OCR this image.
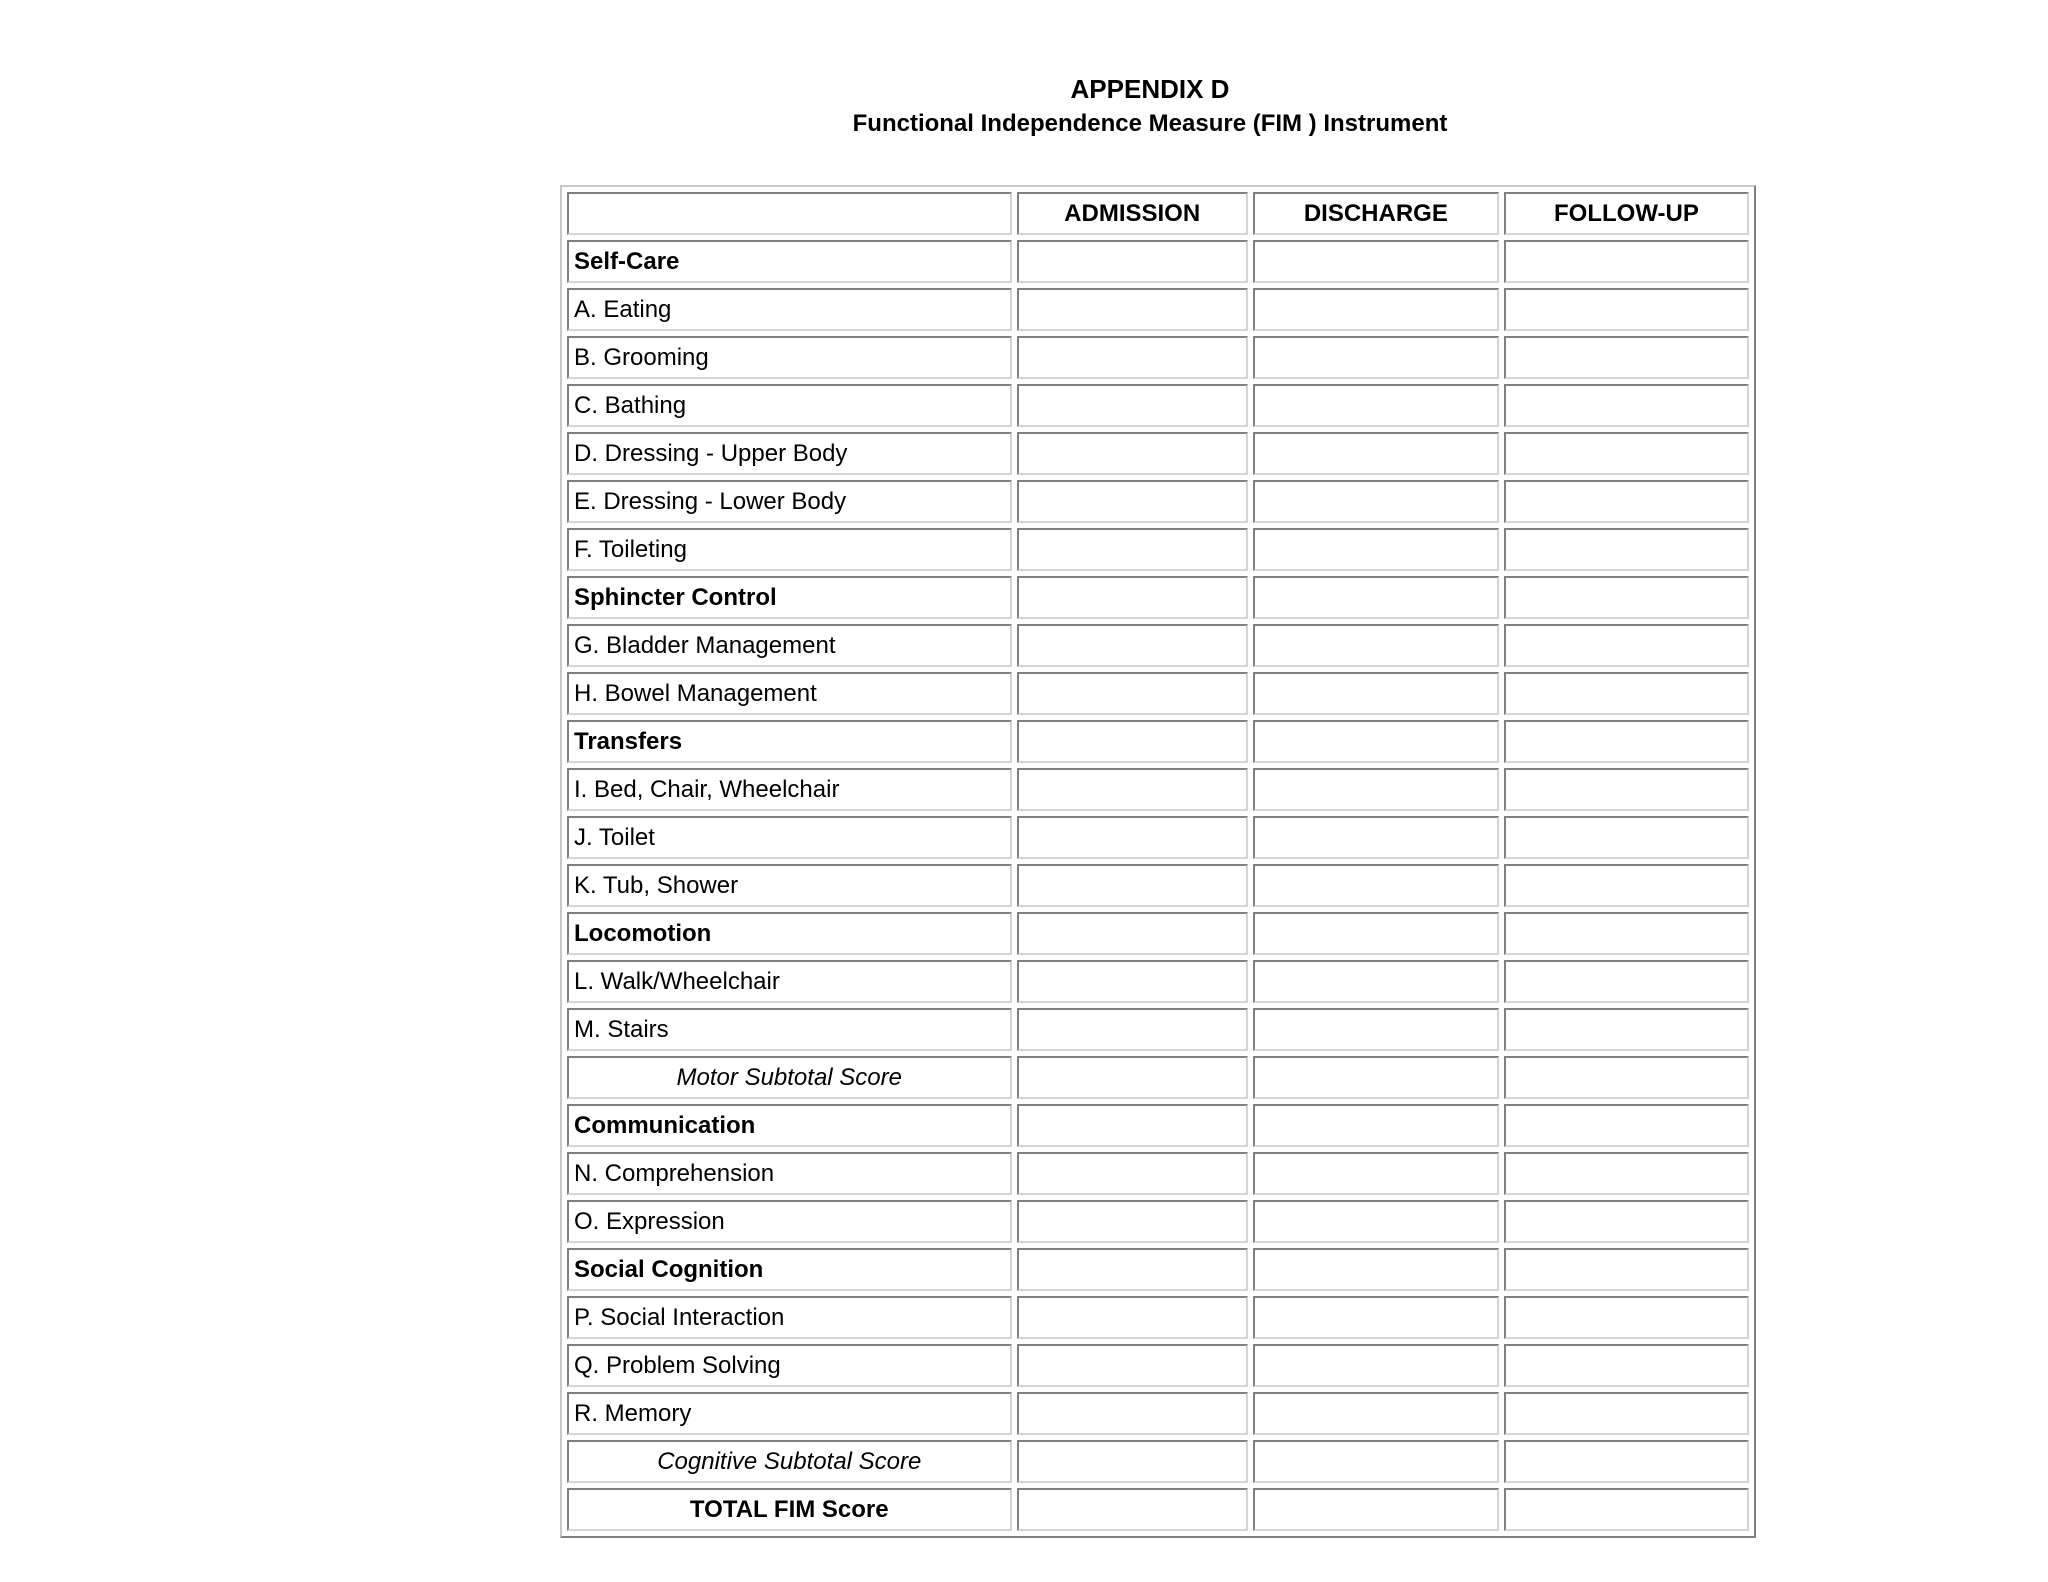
APPENDIX D
Functional Independence Measure (FIM ) Instrument
	ADMISSION	DISCHARGE	FOLLOW-UP
Self-Care			
A. Eating			
B. Grooming			
C. Bathing			
D. Dressing - Upper Body			
E. Dressing - Lower Body			
F. Toileting			
Sphincter Control			
G. Bladder Management			
H. Bowel Management			
Transfers			
I. Bed, Chair, Wheelchair			
J. Toilet			
K. Tub, Shower			
Locomotion			
L. Walk/Wheelchair			
M. Stairs			
Motor Subtotal Score			
Communication			
N. Comprehension			
O. Expression			
Social Cognition			
P. Social Interaction			
Q. Problem Solving			
R. Memory			
Cognitive Subtotal Score			
TOTAL FIM Score			
